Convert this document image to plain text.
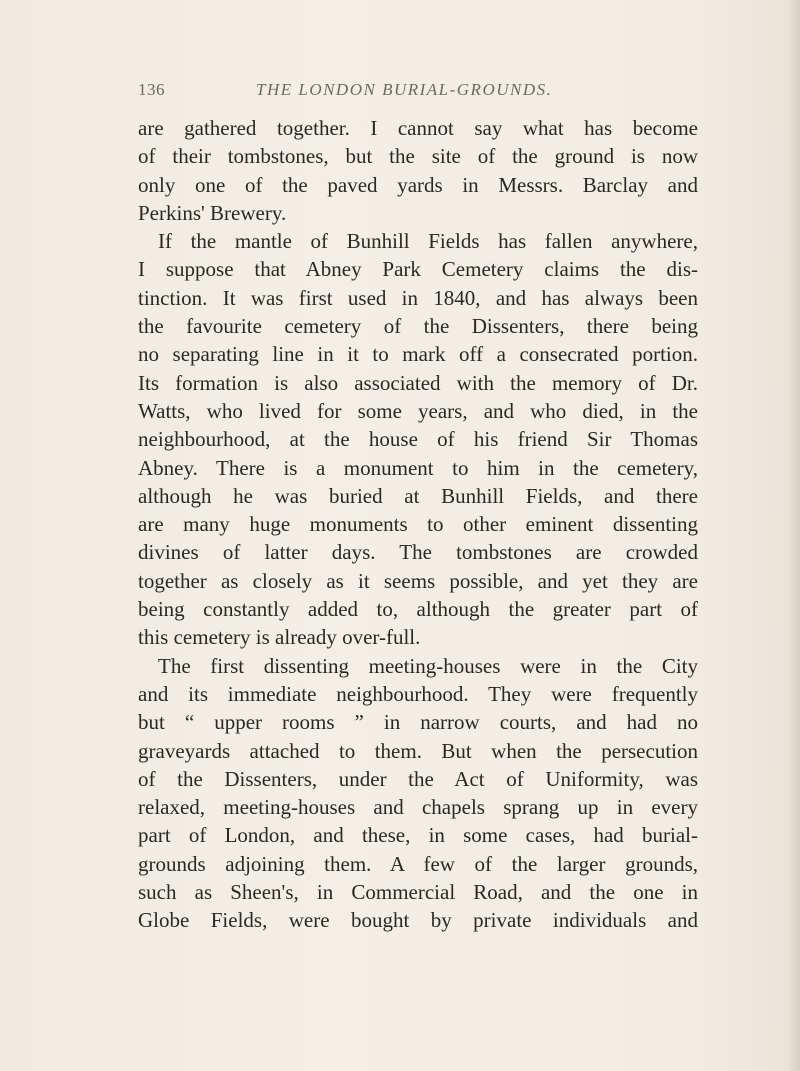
136	THE LONDON BURIAL-GROUNDS.
are gathered together. I cannot say what has become
of their tombstones, but the site of the ground is now
only one of the paved yards in Messrs. Barclay and
Perkins' Brewery.
If the mantle of Bunhill Fields has fallen anywhere,
I suppose that Abney Park Cemetery claims the dis-
tinction. It was first used in 1840, and has always been
the favourite cemetery of the Dissenters, there being
no separating line in it to mark off a consecrated portion.
Its formation is also associated with the memory of Dr.
Watts, who lived for some years, and who died, in the
neighbourhood, at the house of his friend Sir Thomas
Abney. There is a monument to him in the cemetery,
although he was buried at Bunhill Fields, and there
are many huge monuments to other eminent dissenting
divines of latter days. The tombstones are crowded
together as closely as it seems possible, and yet they are
being constantly added to, although the greater part of
this cemetery is already over-full.
The first dissenting meeting-houses were in the City
and its immediate neighbourhood. They were frequently
but “ upper rooms ” in narrow courts, and had no
graveyards attached to them. But when the persecution
of the Dissenters, under the Act of Uniformity, was
relaxed, meeting-houses and chapels sprang up in every
part of London, and these, in some cases, had burial-
grounds adjoining them. A few of the larger grounds,
such as Sheen's, in Commercial Road, and the one in
Globe Fields, were bought by private individuals and
